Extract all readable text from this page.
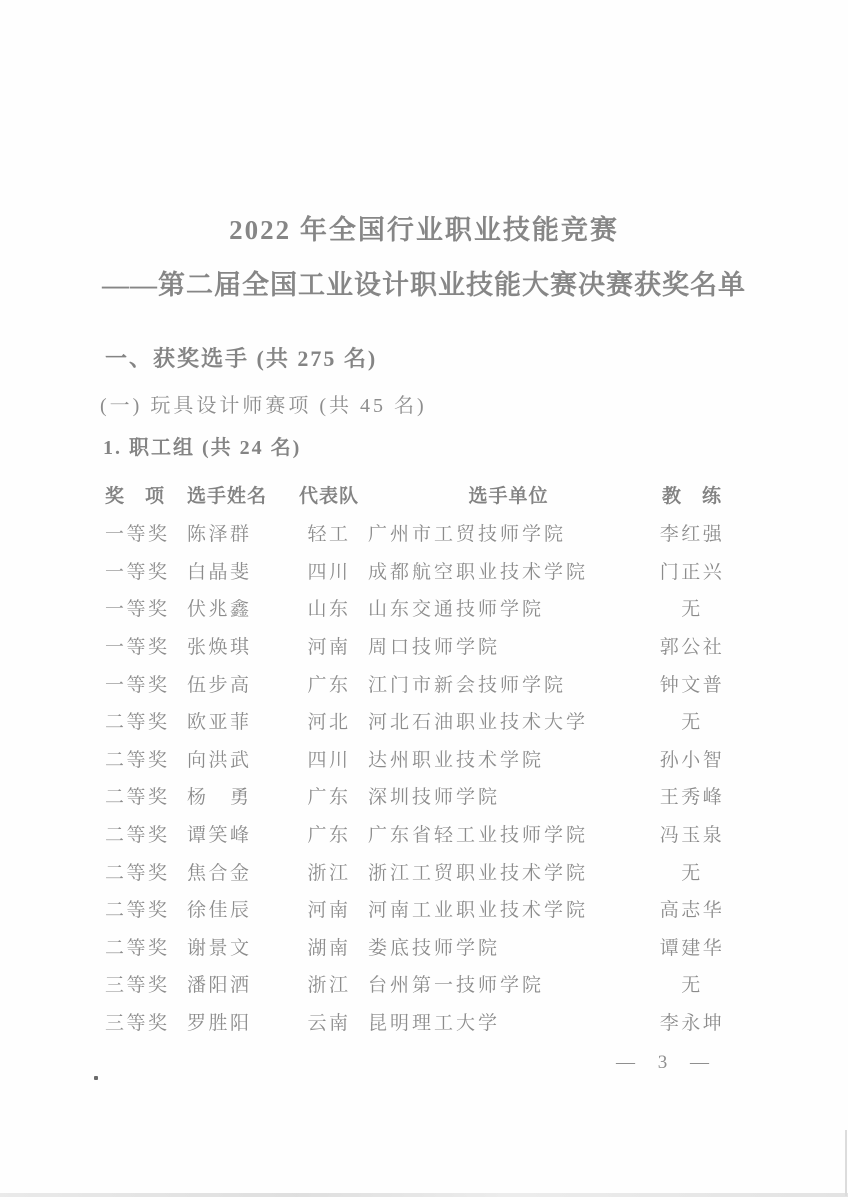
2022 年全国行业职业技能竞赛
——第二届全国工业设计职业技能大赛决赛获奖名单
一、获奖选手 (共 275 名)
(一) 玩具设计师赛项 (共 45 名)
1. 职工组 (共 24 名)
奖　项	选手姓名	代表队	选手单位	教　练
一等奖 陈泽群	轻工 广州市工贸技师学院	李红强
一等奖 白晶斐	四川 成都航空职业技术学院	门正兴
一等奖 伏兆鑫	山东 山东交通技师学院	无
一等奖 张焕琪	河南 周口技师学院	郭公社
一等奖 伍步高	广东 江门市新会技师学院	钟文普
二等奖 欧亚菲	河北 河北石油职业技术大学	无
二等奖 向洪武	四川 达州职业技术学院	孙小智
二等奖 杨　勇	广东 深圳技师学院	王秀峰
二等奖 谭笑峰	广东 广东省轻工业技师学院	冯玉泉
二等奖 焦合金	浙江 浙江工贸职业技术学院	无
二等奖 徐佳辰	河南 河南工业职业技术学院	高志华
二等奖 谢景文	湖南 娄底技师学院	谭建华
三等奖 潘阳洒	浙江 台州第一技师学院	无
三等奖 罗胜阳	云南 昆明理工大学	李永坤
— 3 —
